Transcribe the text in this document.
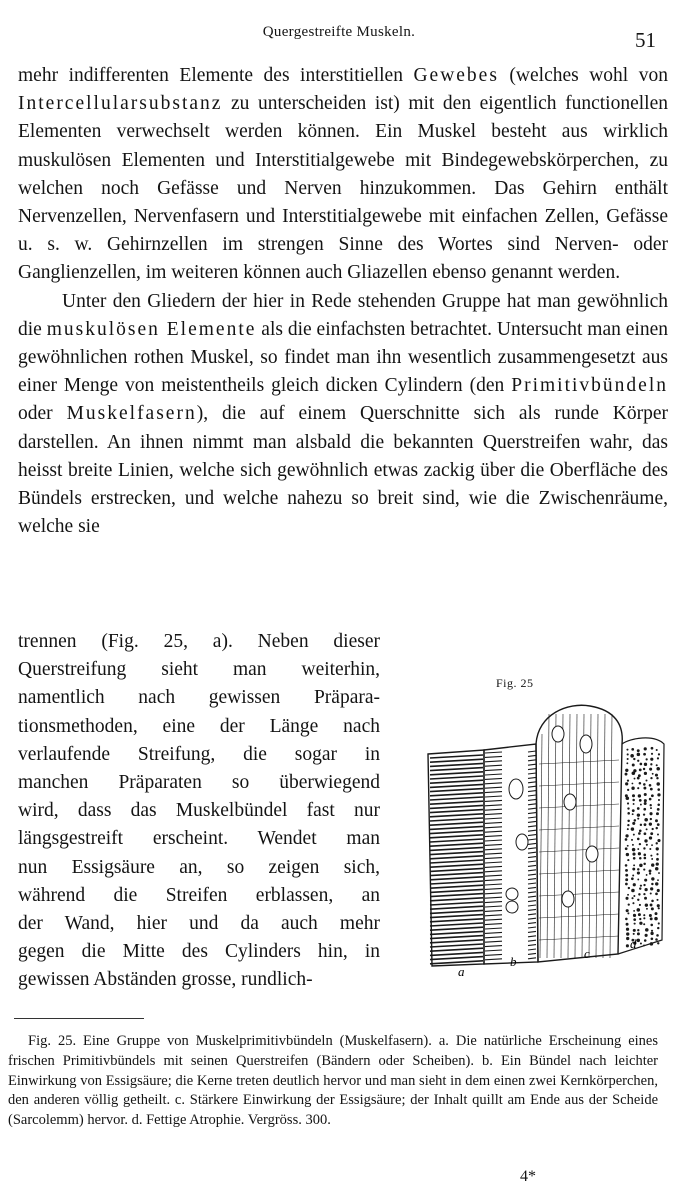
Quergestreifte Muskeln.	51

mehr indifferenten Elemente des interstitiellen Gewebes (welches wohl von Intercellularsubstanz zu unterscheiden ist) mit den eigentlich functionellen Elementen verwechselt werden können. Ein Muskel besteht aus wirklich muskulösen Elementen und Interstitialgewebe mit Bindegewebskörperchen, zu welchen noch Gefässe und Nerven hinzukommen. Das Gehirn enthält Nervenzellen, Nervenfasern und Interstitialgewebe mit einfachen Zellen, Gefässe u. s. w. Gehirnzellen im strengen Sinne des Wortes sind Nerven- oder Ganglienzellen, im weiteren können auch Gliazellen ebenso genannt werden.

Unter den Gliedern der hier in Rede stehenden Gruppe hat man gewöhnlich die muskulösen Elemente als die einfachsten betrachtet. Untersucht man einen gewöhnlichen rothen Muskel, so findet man ihn wesentlich zusammengesetzt aus einer Menge von meistentheils gleich dicken Cylindern (den Primitivbündeln oder Muskelfasern), die auf einem Querschnitte sich als runde Körper darstellen. An ihnen nimmt man alsbald die bekannten Querstreifen wahr, das heisst breite Linien, welche sich gewöhnlich etwas zackig über die Oberfläche des Bündels erstrecken, und welche nahezu so breit sind, wie die Zwischenräume, welche sie

trennen (Fig. 25, a). Neben dieser
Querstreifung sieht man weiterhin,
namentlich nach gewissen Präpara-
tionsmethoden, eine der Länge nach
verlaufende Streifung, die sogar in
manchen Präparaten so überwiegend
wird, dass das Muskelbündel fast nur
längsgestreift erscheint. Wendet man
nun Essigsäure an, so zeigen sich,
während die Streifen erblassen, an
der Wand, hier und da auch mehr
gegen die Mitte des Cylinders hin, in
gewissen Abständen grosse, rundlich-
Fig. 25
a
b
c
d
Fig. 25. Eine Gruppe von Muskelprimitivbündeln (Muskelfasern). a. Die natürliche Erscheinung eines frischen Primitivbündels mit seinen Querstreifen (Bändern oder Scheiben). b. Ein Bündel nach leichter Einwirkung von Essigsäure; die Kerne treten deutlich hervor und man sieht in dem einen zwei Kernkörperchen, den anderen völlig getheilt. c. Stärkere Einwirkung der Essigsäure; der Inhalt quillt am Ende aus der Scheide (Sarcolemm) hervor. d. Fettige Atrophie. Vergröss. 300.
4*
